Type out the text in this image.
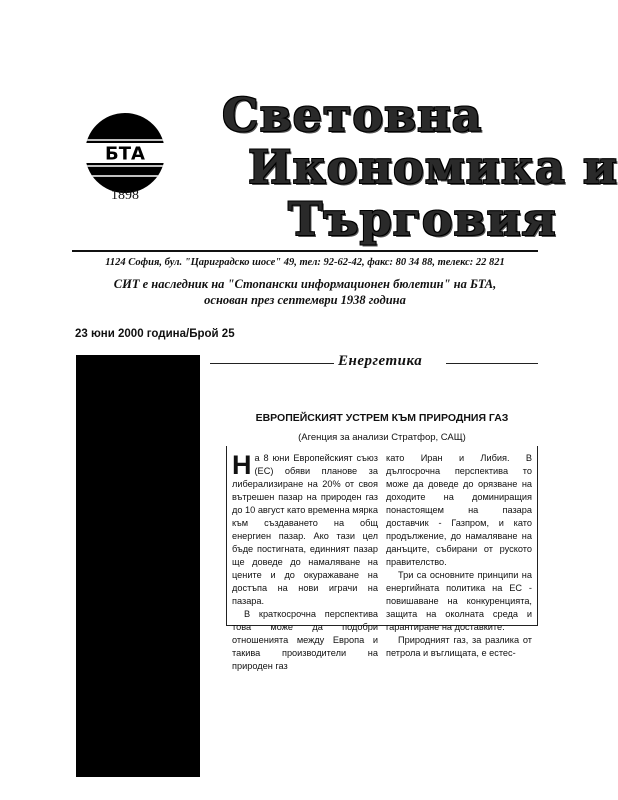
БТА
1898
Световна
Икономика и
Търговия
1124 София, бул. "Цариградско шосе" 49, тел: 92-62-42, факс: 80 34 88, телекс: 22 821
СИТ е наследник на "Стопански информационен бюлетин" на БТА,
основан през септември 1938 година
23 юни 2000 година/Брой 25
Енергетика
ЕВРОПЕЙСКИЯТ УСТРЕМ КЪМ ПРИРОДНИЯ ГАЗ
(Агенция за анализи Стратфор, САЩ)

На 8 юни Европейският съюз (ЕС) обяви планове за либерализиране на 20% от своя вътрешен пазар на природен газ до 10 август като временна мярка към създаването на общ енергиен пазар. Ако тази цел бъде постигната, единният пазар ще доведе до намаляване на цените и до окуражаване на достъпа на нови играчи на пазара.

В краткосрочна перспектива това може да подобри отношенията между Европа и такива производители на природен газ

като Иран и Либия. В дългосрочна перспектива то може да доведе до орязване на доходите на доминиращия понастоящем на пазара доставчик - Газпром, и като продължение, до намаляване на данъците, събирани от руското правителство.

Три са основните принципи на енергийната политика на ЕС - повишаване на конкуренцията, защита на околната среда и гарантиране на доставките.

Природният газ, за разлика от петрола и въглищата, е естес-
